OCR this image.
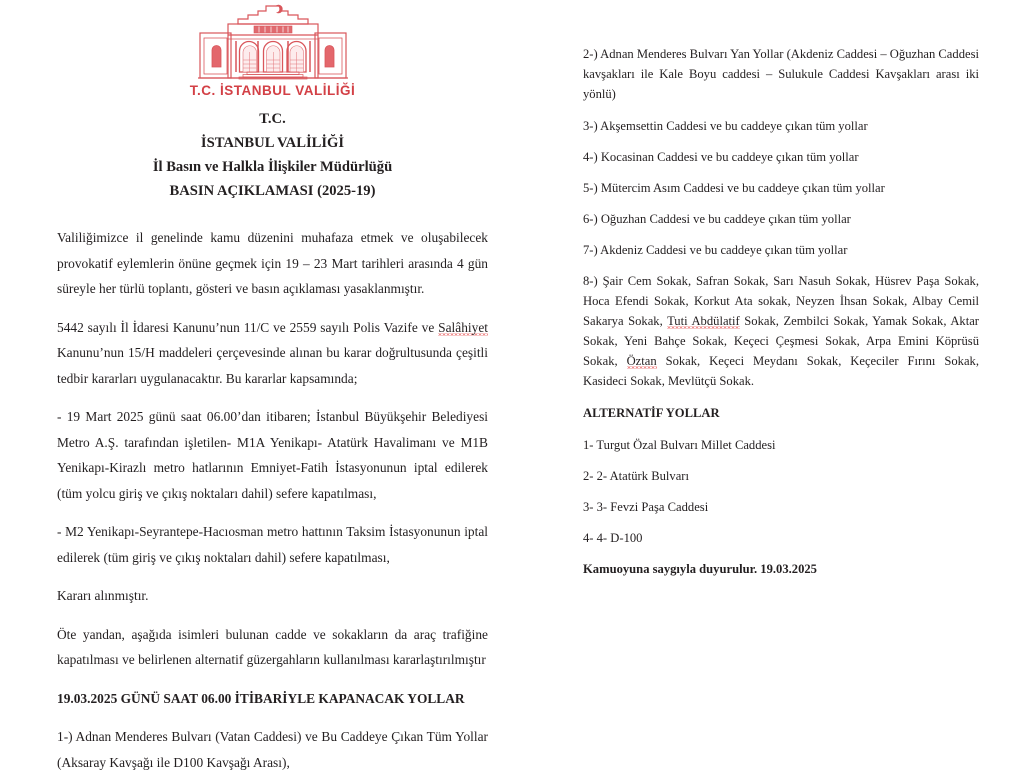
T.C. İSTANBUL VALİLİĞİ
T.C.
İSTANBUL VALİLİĞİ
İl Basın ve Halkla İlişkiler Müdürlüğü
BASIN AÇIKLAMASI (2025-19)

Valiliğimizce il genelinde kamu düzenini muhafaza etmek ve oluşabilecek provokatif eylemlerin önüne geçmek için 19 – 23 Mart tarihleri arasında 4 gün süreyle her türlü toplantı, gösteri ve basın açıklaması yasaklanmıştır.

5442 sayılı İl İdaresi Kanunu’nun 11/C ve 2559 sayılı Polis Vazife ve Salâhiyet Kanunu’nun 15/H maddeleri çerçevesinde alınan bu karar doğrultusunda çeşitli tedbir kararları uygulanacaktır. Bu kararlar kapsamında;

- 19 Mart 2025 günü saat 06.00’dan itibaren; İstanbul Büyükşehir Belediyesi Metro A.Ş. tarafından işletilen- M1A Yenikapı- Atatürk Havalimanı ve M1B Yenikapı-Kirazlı metro hatlarının Emniyet-Fatih İstasyonunun iptal edilerek (tüm yolcu giriş ve çıkış noktaları dahil) sefere kapatılması,

- M2 Yenikapı-Seyrantepe-Hacıosman metro hattının Taksim İstasyonunun iptal edilerek (tüm giriş ve çıkış noktaları dahil) sefere kapatılması,

Kararı alınmıştır.

Öte yandan, aşağıda isimleri bulunan cadde ve sokakların da araç trafiğine kapatılması ve belirlenen alternatif güzergahların kullanılması kararlaştırılmıştır

19.03.2025 GÜNÜ SAAT 06.00 İTİBARİYLE KAPANACAK YOLLAR

1-) Adnan Menderes Bulvarı (Vatan Caddesi) ve Bu Caddeye Çıkan Tüm Yollar (Aksaray Kavşağı ile D100 Kavşağı Arası),

2-) Adnan Menderes Bulvarı Yan Yollar (Akdeniz Caddesi – Oğuzhan Caddesi kavşakları ile Kale Boyu caddesi – Sulukule Caddesi Kavşakları arası iki yönlü)

3-) Akşemsettin Caddesi ve bu caddeye çıkan tüm yollar

4-) Kocasinan Caddesi ve bu caddeye çıkan tüm yollar

5-) Mütercim Asım Caddesi ve bu caddeye çıkan tüm yollar

6-) Oğuzhan Caddesi ve bu caddeye çıkan tüm yollar

7-) Akdeniz Caddesi ve bu caddeye çıkan tüm yollar

8-) Şair Cem Sokak, Safran Sokak, Sarı Nasuh Sokak, Hüsrev Paşa Sokak, Hoca Efendi Sokak, Korkut Ata sokak, Neyzen İhsan Sokak, Albay Cemil Sakarya Sokak, Tuti Abdülatif Sokak, Zembilci Sokak, Yamak Sokak, Aktar Sokak, Yeni Bahçe Sokak, Keçeci Çeşmesi Sokak, Arpa Emini Köprüsü Sokak, Öztan Sokak, Keçeci Meydanı Sokak, Keçeciler Fırını Sokak, Kasideci Sokak, Mevlütçü Sokak.

ALTERNATİF YOLLAR

1- Turgut Özal Bulvarı Millet Caddesi

2- 2- Atatürk Bulvarı

3- 3- Fevzi Paşa Caddesi

4- 4- D-100

Kamuoyuna saygıyla duyurulur. 19.03.2025
